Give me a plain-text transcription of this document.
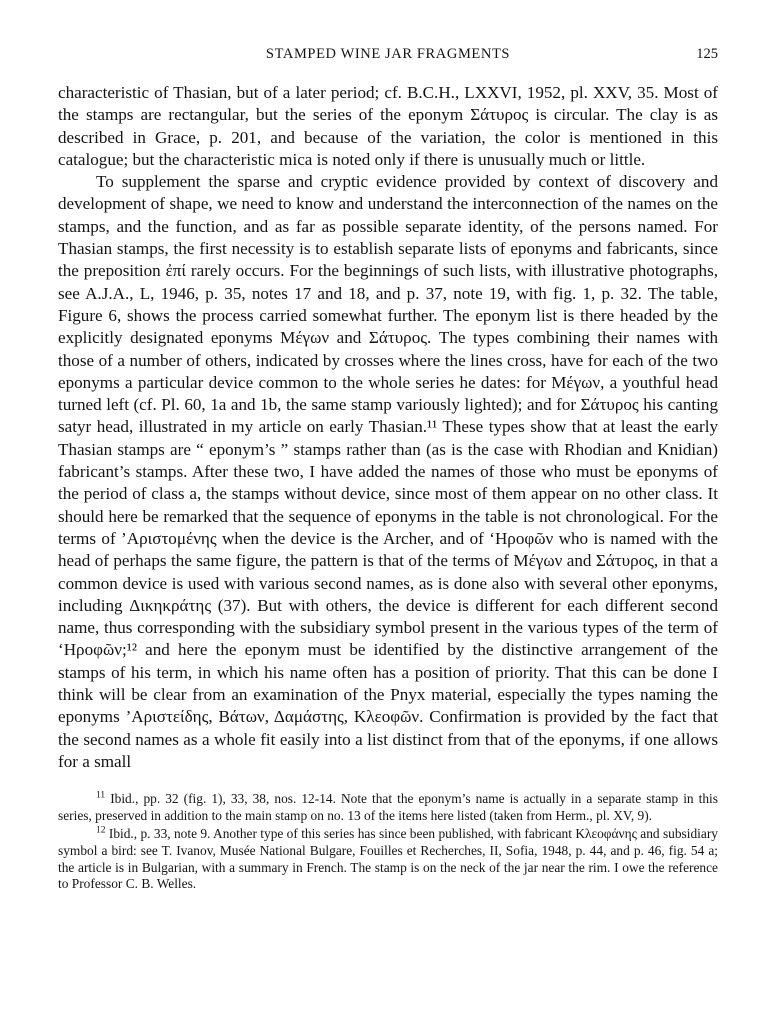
STAMPED WINE JAR FRAGMENTS	125

characteristic of Thasian, but of a later period; cf. B.C.H., LXXVI, 1952, pl. XXV, 35. Most of the stamps are rectangular, but the series of the eponym Σάτυρος is circular. The clay is as described in Grace, p. 201, and because of the variation, the color is mentioned in this catalogue; but the characteristic mica is noted only if there is unusually much or little.

To supplement the sparse and cryptic evidence provided by context of discovery and development of shape, we need to know and understand the interconnection of the names on the stamps, and the function, and as far as possible separate identity, of the persons named. For Thasian stamps, the first necessity is to establish separate lists of eponyms and fabricants, since the preposition ἐπί rarely occurs. For the beginnings of such lists, with illustrative photographs, see A.J.A., L, 1946, p. 35, notes 17 and 18, and p. 37, note 19, with fig. 1, p. 32. The table, Figure 6, shows the process carried somewhat further. The eponym list is there headed by the explicitly designated eponyms Μέγων and Σάτυρος. The types combining their names with those of a number of others, indicated by crosses where the lines cross, have for each of the two eponyms a particular device common to the whole series he dates: for Μέγων, a youthful head turned left (cf. Pl. 60, 1a and 1b, the same stamp variously lighted); and for Σάτυρος his canting satyr head, illustrated in my article on early Thasian.¹¹ These types show that at least the early Thasian stamps are “ eponym’s ” stamps rather than (as is the case with Rhodian and Knidian) fabricant’s stamps. After these two, I have added the names of those who must be eponyms of the period of class a, the stamps without device, since most of them appear on no other class. It should here be remarked that the sequence of eponyms in the table is not chronological. For the terms of ’Αριστομένης when the device is the Archer, and of ‘Ηροφῶν who is named with the head of perhaps the same figure, the pattern is that of the terms of Μέγων and Σάτυρος, in that a common device is used with various second names, as is done also with several other eponyms, including Δικηκράτης (37). But with others, the device is different for each different second name, thus corresponding with the subsidiary symbol present in the various types of the term of ‘Ηροφῶν;¹² and here the eponym must be identified by the distinctive arrangement of the stamps of his term, in which his name often has a position of priority. That this can be done I think will be clear from an examination of the Pnyx material, especially the types naming the eponyms ’Αριστείδης, Βάτων, Δαμάστης, Κλεοφῶν. Confirmation is provided by the fact that the second names as a whole fit easily into a list distinct from that of the eponyms, if one allows for a small

$^{11}$ Ibid., pp. 32 (fig. 1), 33, 38, nos. 12-14. Note that the eponym’s name is actually in a separate stamp in this series, preserved in addition to the main stamp on no. 13 of the items here listed (taken from Herm., pl. XV, 9).

$^{12}$ Ibid., p. 33, note 9. Another type of this series has since been published, with fabricant Κλεοφάνης and subsidiary symbol a bird: see T. Ivanov, Musée National Bulgare, Fouilles et Recherches, II, Sofia, 1948, p. 44, and p. 46, fig. 54 a; the article is in Bulgarian, with a summary in French. The stamp is on the neck of the jar near the rim. I owe the reference to Professor C. B. Welles.
